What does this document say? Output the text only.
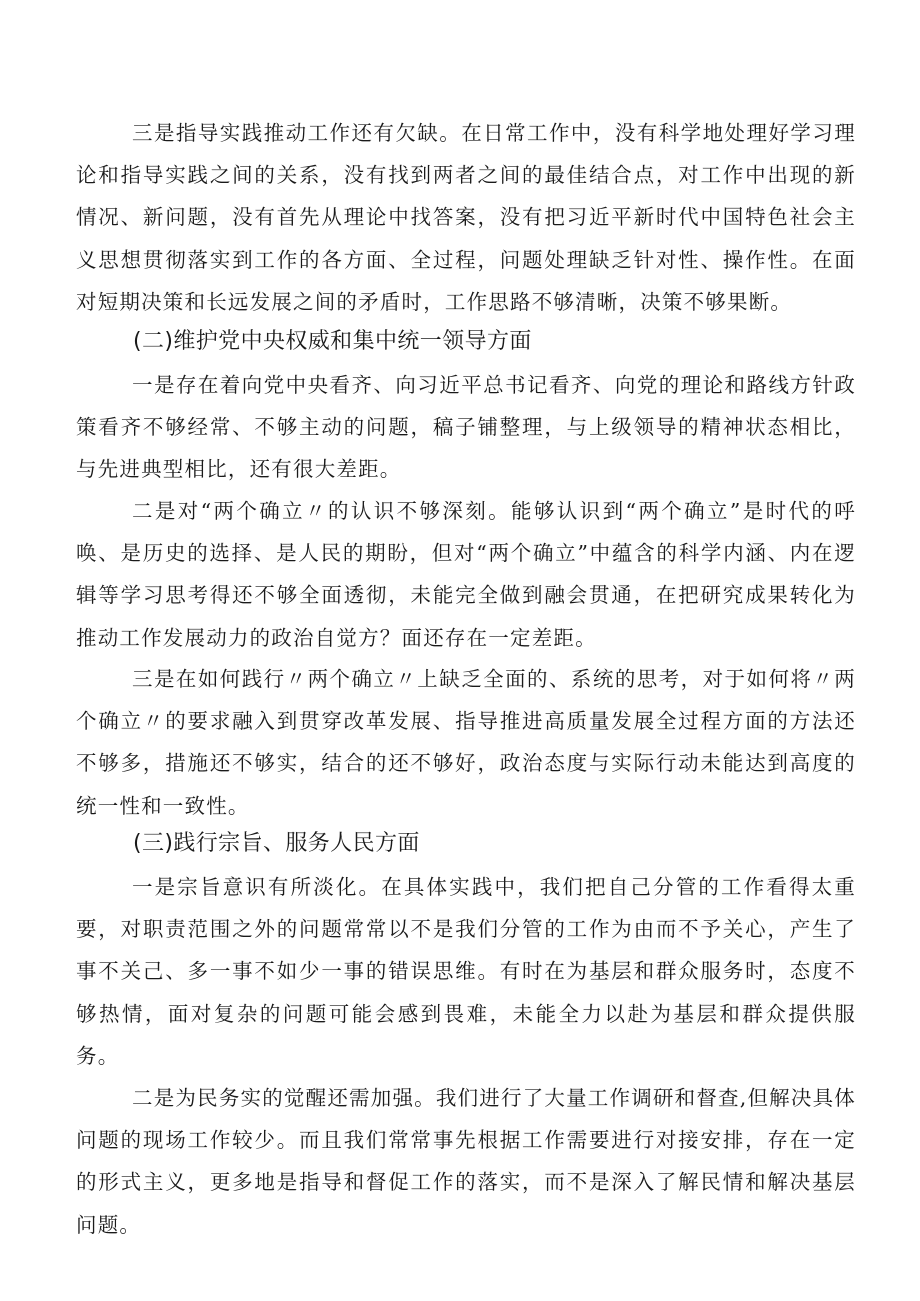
三是指导实践推动工作还有欠缺。在日常工作中，没有科学地处理好学习理论和指导实践之间的关系，没有找到两者之间的最佳结合点，对工作中出现的新情况、新问题，没有首先从理论中找答案，没有把习近平新时代中国特色社会主义思想贯彻落实到工作的各方面、全过程，问题处理缺乏针对性、操作性。在面对短期决策和长远发展之间的矛盾时，工作思路不够清晰，决策不够果断。

(二)维护党中央权威和集中统一领导方面

一是存在着向党中央看齐、向习近平总书记看齐、向党的理论和路线方针政策看齐不够经常、不够主动的问题，稿子铺整理，与上级领导的精神状态相比，与先进典型相比，还有很大差距。

二是对“两个确立〃的认识不够深刻。能够认识到“两个确立”是时代的呼唤、是历史的选择、是人民的期盼，但对“两个确立”中蕴含的科学内涵、内在逻辑等学习思考得还不够全面透彻，未能完全做到融会贯通，在把研究成果转化为推动工作发展动力的政治自觉方？面还存在一定差距。

三是在如何践行〃两个确立〃上缺乏全面的、系统的思考，对于如何将〃两个确立〃的要求融入到贯穿改革发展、指导推进高质量发展全过程方面的方法还不够多，措施还不够实，结合的还不够好，政治态度与实际行动未能达到高度的统一性和一致性。

(三)践行宗旨、服务人民方面

一是宗旨意识有所淡化。在具体实践中，我们把自己分管的工作看得太重要，对职责范围之外的问题常常以不是我们分管的工作为由而不予关心，产生了事不关己、多一事不如少一事的错误思维。有时在为基层和群众服务时，态度不够热情，面对复杂的问题可能会感到畏难，未能全力以赴为基层和群众提供服务。

二是为民务实的觉醒还需加强。我们进行了大量工作调研和督查,但解决具体问题的现场工作较少。而且我们常常事先根据工作需要进行对接安排，存在一定的形式主义，更多地是指导和督促工作的落实，而不是深入了解民情和解决基层问题。
